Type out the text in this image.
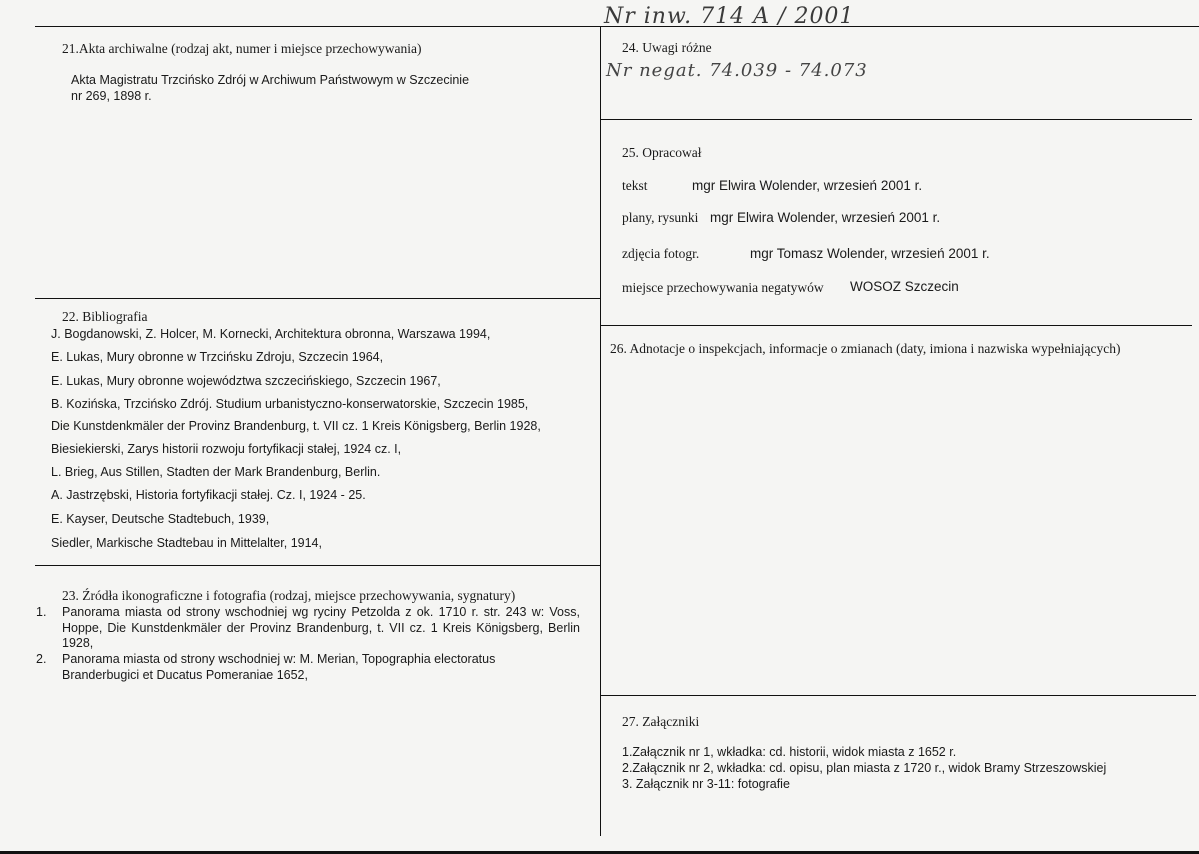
Nr inw. 714 A / 2001
21.Akta archiwalne (rodzaj akt, numer i miejsce przechowywania)
Akta Magistratu Trzcińsko Zdrój w Archiwum Państwowym w Szczecinie
nr 269, 1898 r.
22. Bibliografia
J. Bogdanowski, Z. Holcer, M. Kornecki, Architektura obronna, Warszawa 1994,
E. Lukas, Mury obronne w Trzcińsku Zdroju, Szczecin 1964,
E. Lukas, Mury obronne województwa szczecińskiego, Szczecin 1967,
B. Kozińska, Trzcińsko Zdrój. Studium urbanistyczno-konserwatorskie, Szczecin 1985,
Die Kunstdenkmäler der Provinz Brandenburg, t. VII cz. 1 Kreis Königsberg, Berlin 1928,
Biesiekierski, Zarys historii rozwoju fortyfikacji stałej, 1924 cz. I,
L. Brieg, Aus Stillen, Stadten der Mark Brandenburg, Berlin.
A. Jastrzębski, Historia fortyfikacji stałej. Cz. I, 1924 - 25.
E. Kayser, Deutsche Stadtebuch, 1939,
Siedler, Markische Stadtebau in Mittelalter, 1914,
23. Źródła ikonograficzne i fotografia (rodzaj, miejsce przechowywania, sygnatury)
1. Panorama miasta od strony wschodniej wg ryciny Petzolda z ok. 1710 r. str. 243 w: Voss, Hoppe, Die Kunstdenkmäler der Provinz Brandenburg, t. VII cz. 1 Kreis Königsberg, Berlin 1928,
2. Panorama miasta od strony wschodniej w: M. Merian, Topographia electoratus Branderbugici et Ducatus Pomeraniae 1652,
24. Uwagi różne
Nr negat. 74.039 - 74.073
25. Opracował
tekst	mgr Elwira Wolender, wrzesień 2001 r.
plany, rysunki mgr Elwira Wolender, wrzesień 2001 r.
zdjęcia fotogr.	mgr Tomasz Wolender, wrzesień 2001 r.
miejsce przechowywania negatywów WOSOZ Szczecin
26. Adnotacje o inspekcjach, informacje o zmianach (daty, imiona i nazwiska wypełniających)
27. Załączniki
1.Załącznik nr 1, wkładka: cd. historii, widok miasta z 1652 r.
2.Załącznik nr 2, wkładka: cd. opisu, plan miasta z 1720 r., widok Bramy Strzeszowskiej
3. Załącznik nr 3-11: fotografie
